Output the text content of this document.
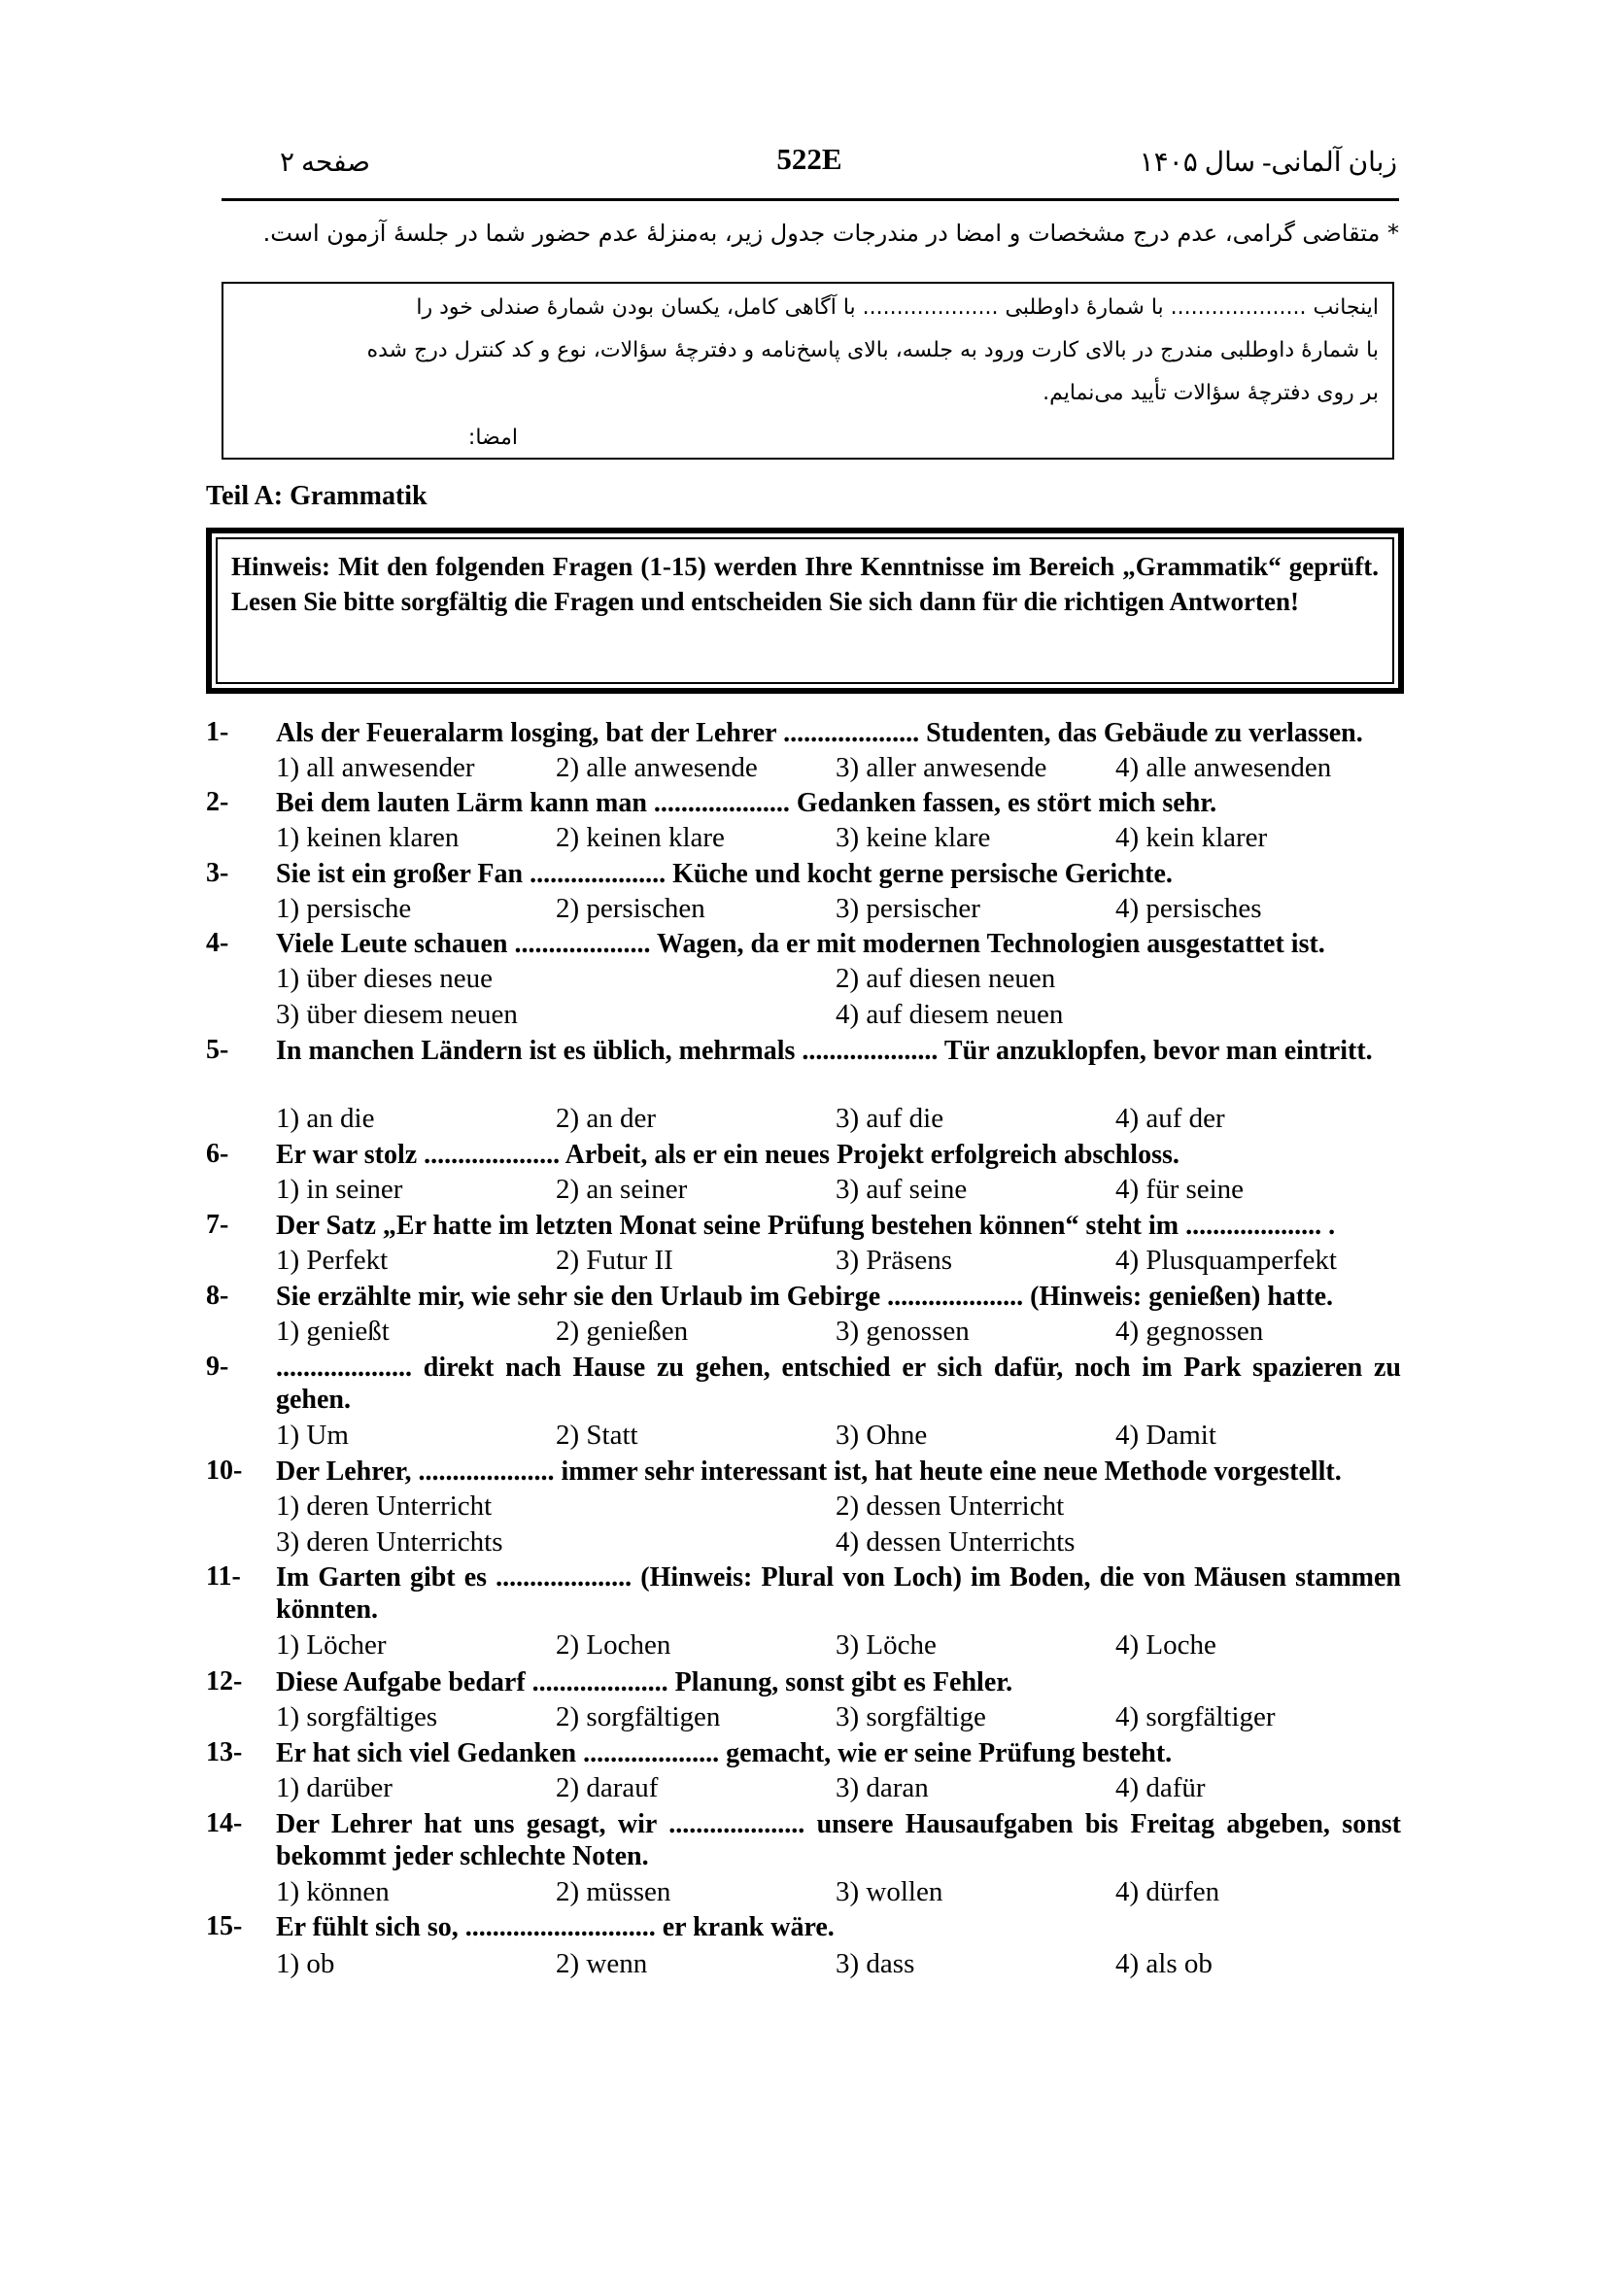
صفحه ۲	522E	زبان آلمانی- سال ۱۴۰۵
* متقاضی گرامی، عدم درج مشخصات و امضا در مندرجات جدول زیر، به‌منزلهٔ عدم حضور شما در جلسهٔ آزمون است.
اینجانب .................... با شمارهٔ داوطلبی .................... با آگاهی کامل، یکسان بودن شمارهٔ صندلی خود را
با شمارهٔ داوطلبی مندرج در بالای کارت ورود به جلسه، بالای پاسخ‌نامه و دفترچهٔ سؤالات، نوع و کد کنترل درج شده
بر روی دفترچهٔ سؤالات تأیید می‌نمایم.
امضا:
Teil A: Grammatik
Hinweis: Mit den folgenden Fragen (1-15) werden Ihre Kenntnisse im Bereich „Grammatik“ geprüft. Lesen Sie bitte sorgfältig die Fragen und entscheiden Sie sich dann für die richtigen Antworten!
1- Als der Feueralarm losging, bat der Lehrer .................... Studenten, das Gebäude zu verlassen.
1) all anwesender	2) alle anwesende	3) aller anwesende 4) alle anwesenden
2- Bei dem lauten Lärm kann man .................... Gedanken fassen, es stört mich sehr.
1) keinen klaren	2) keinen klare	3) keine klare	4) kein klarer
3- Sie ist ein großer Fan .................... Küche und kocht gerne persische Gerichte.
1) persische	2) persischen	3) persischer	4) persisches
4- Viele Leute schauen .................... Wagen, da er mit modernen Technologien ausgestattet ist.
1) über dieses neue	2) auf diesen neuen
3) über diesem neuen	4) auf diesem neuen
5- In manchen Ländern ist es üblich, mehrmals .................... Tür anzuklopfen, bevor man eintritt.
1) an die	2) an der	3) auf die	4) auf der
6- Er war stolz .................... Arbeit, als er ein neues Projekt erfolgreich abschloss.
1) in seiner	2) an seiner	3) auf seine	4) für seine
7- Der Satz „Er hatte im letzten Monat seine Prüfung bestehen können“ steht im .................... .
1) Perfekt	2) Futur II	3) Präsens	4) Plusquamperfekt
8- Sie erzählte mir, wie sehr sie den Urlaub im Gebirge .................... (Hinweis: genießen) hatte.
1) genießt	2) genießen	3) genossen	4) gegnossen
9- .................... direkt nach Hause zu gehen, entschied er sich dafür, noch im Park spazieren zu gehen.
1) Um	2) Statt	3) Ohne	4) Damit
10- Der Lehrer, .................... immer sehr interessant ist, hat heute eine neue Methode vorgestellt.
1) deren Unterricht	2) dessen Unterricht
3) deren Unterrichts	4) dessen Unterrichts
11- Im Garten gibt es .................... (Hinweis: Plural von Loch) im Boden, die von Mäusen stammen könnten.
1) Löcher	2) Lochen	3) Löche	4) Loche
12- Diese Aufgabe bedarf .................... Planung, sonst gibt es Fehler.
1) sorgfältiges	2) sorgfältigen	3) sorgfältige	4) sorgfältiger
13- Er hat sich viel Gedanken .................... gemacht, wie er seine Prüfung besteht.
1) darüber	2) darauf	3) daran	4) dafür
14- Der Lehrer hat uns gesagt, wir .................... unsere Hausaufgaben bis Freitag abgeben, sonst bekommt jeder schlechte Noten.
1) können	2) müssen	3) wollen	4) dürfen
15- Er fühlt sich so, ............................ er krank wäre.
1) ob	2) wenn	3) dass	4) als ob
